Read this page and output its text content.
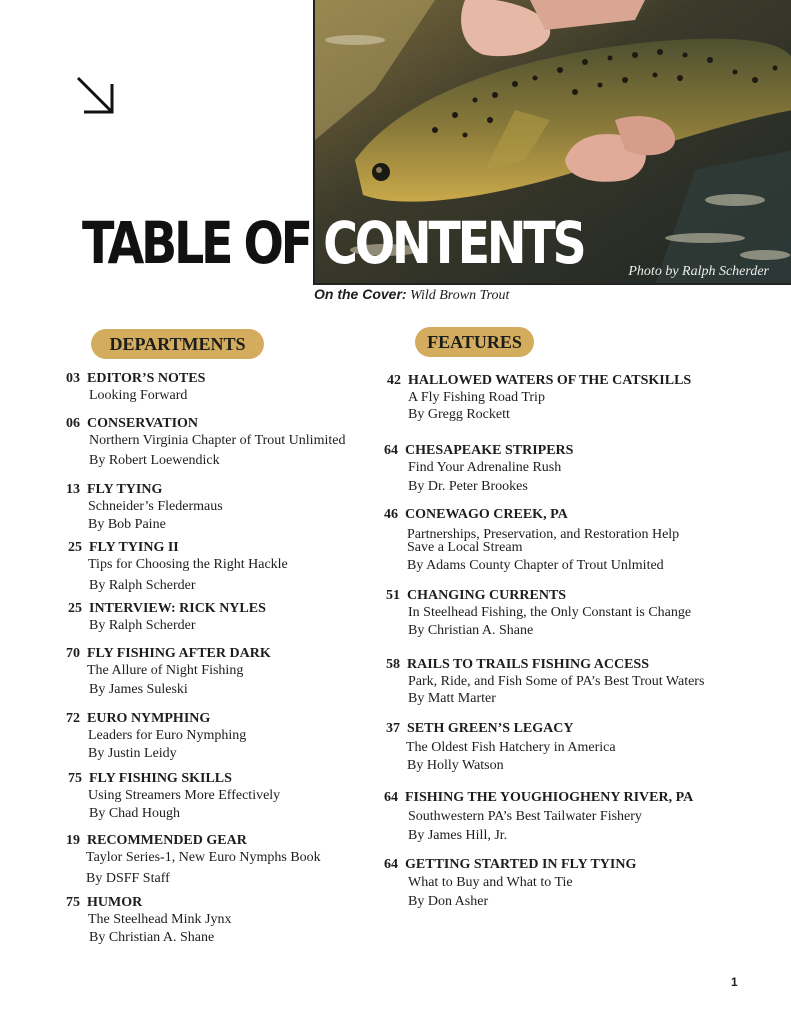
Photo by Ralph Scherder
TABLE OF CONTENTS
On the Cover: Wild Brown Trout
DEPARTMENTS	FEATURES
03 EDITOR’S NOTES
Looking Forward
06 CONSERVATION
Northern Virginia Chapter of Trout Unlimited
By Robert Loewendick
13 FLY TYING
Schneider’s Fledermaus
By Bob Paine
25 FLY TYING II
Tips for Choosing the Right Hackle
By Ralph Scherder
25 INTERVIEW: RICK NYLES
By Ralph Scherder
70 FLY FISHING AFTER DARK
The Allure of Night Fishing
By James Suleski
72 EURO NYMPHING
Leaders for Euro Nymphing
By Justin Leidy
75 FLY FISHING SKILLS
Using Streamers More Effectively
By Chad Hough
19 RECOMMENDED GEAR
Taylor Series-1, New Euro Nymphs Book
By DSFF Staff
75 HUMOR
The Steelhead Mink Jynx
By Christian A. Shane
42 HALLOWED WATERS OF THE CATSKILLS
A Fly Fishing Road Trip
By Gregg Rockett
64 CHESAPEAKE STRIPERS
Find Your Adrenaline Rush
By Dr. Peter Brookes
46 CONEWAGO CREEK, PA
Partnerships, Preservation, and Restoration Help
Save a Local Stream
By Adams County Chapter of Trout Unlmited
51 CHANGING CURRENTS
In Steelhead Fishing, the Only Constant is Change
By Christian A. Shane
58 RAILS TO TRAILS FISHING ACCESS
Park, Ride, and Fish Some of PA’s Best Trout Waters
By Matt Marter
37 SETH GREEN’S LEGACY
The Oldest Fish Hatchery in America
By Holly Watson
64 FISHING THE YOUGHIOGHENY RIVER, PA
Southwestern PA’s Best Tailwater Fishery
By James Hill, Jr.
64 GETTING STARTED IN FLY TYING
What to Buy and What to Tie
By Don Asher
1
